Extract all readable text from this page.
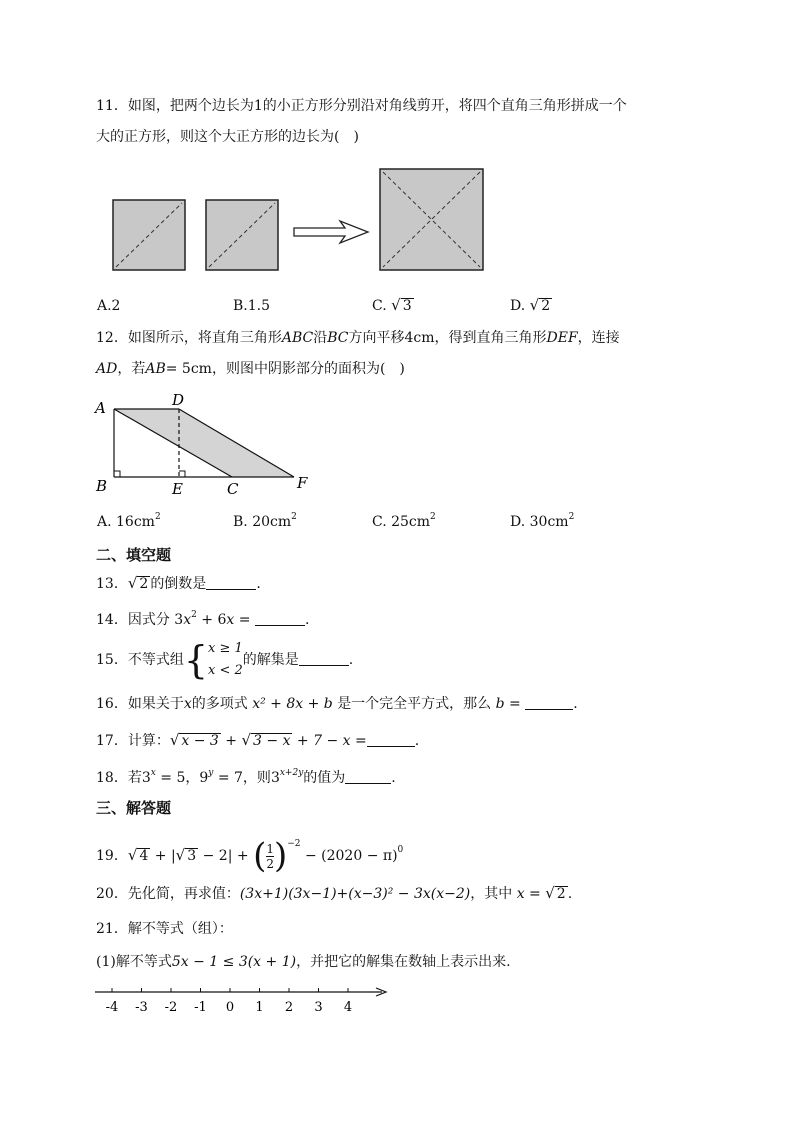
11．如图，把两个边长为1的小正方形分别沿对角线剪开，将四个直角三角形拼成一个
大的正方形，则这个大正方形的边长为(　)
A.2	B.1.5	C. √ 3	D. √ 2
12．如图所示，将直角三角形ABC沿BC方向平移4cm，得到直角三角形DEF，连接
AD，若AB= 5cm，则图中阴影部分的面积为(　)
A	D
B	E	C	F
A. $16cm^2$	B. $20cm^2$	C. $25cm^2$	D. $30cm^2$
二、填空题
13．√ 2 的倒数是	.
14．因式分 $3x^2 + 6x$ =	.
15．不等式组{ x ≥ 1
x < 2
的解集是	.
16．如果关于x的多项式 x² + 8x + b 是一个完全平方式，那么 b =	.
17．计算：√ x − 3 + √ 3 − x + 7 − x =	.
18．若$3^x = 5$，$9^y = 7$，则$3^{x+2y}$的值为	.
三、解答题
19．√ 4 + |√ 3 − 2| + ( $\frac{1}{2} )^{-2} - (2020 - \pi)^0$
20．先化简，再求值：(3x+1)(3x−1)+(x−3)² − 3x(x−2)，其中 x = √ 2 .
21．解不等式（组）：
(1)解不等式5x − 1 ≤ 3(x + 1)，并把它的解集在数轴上表示出来.
-4 -3 -2 -1 0 1 2 3 4
